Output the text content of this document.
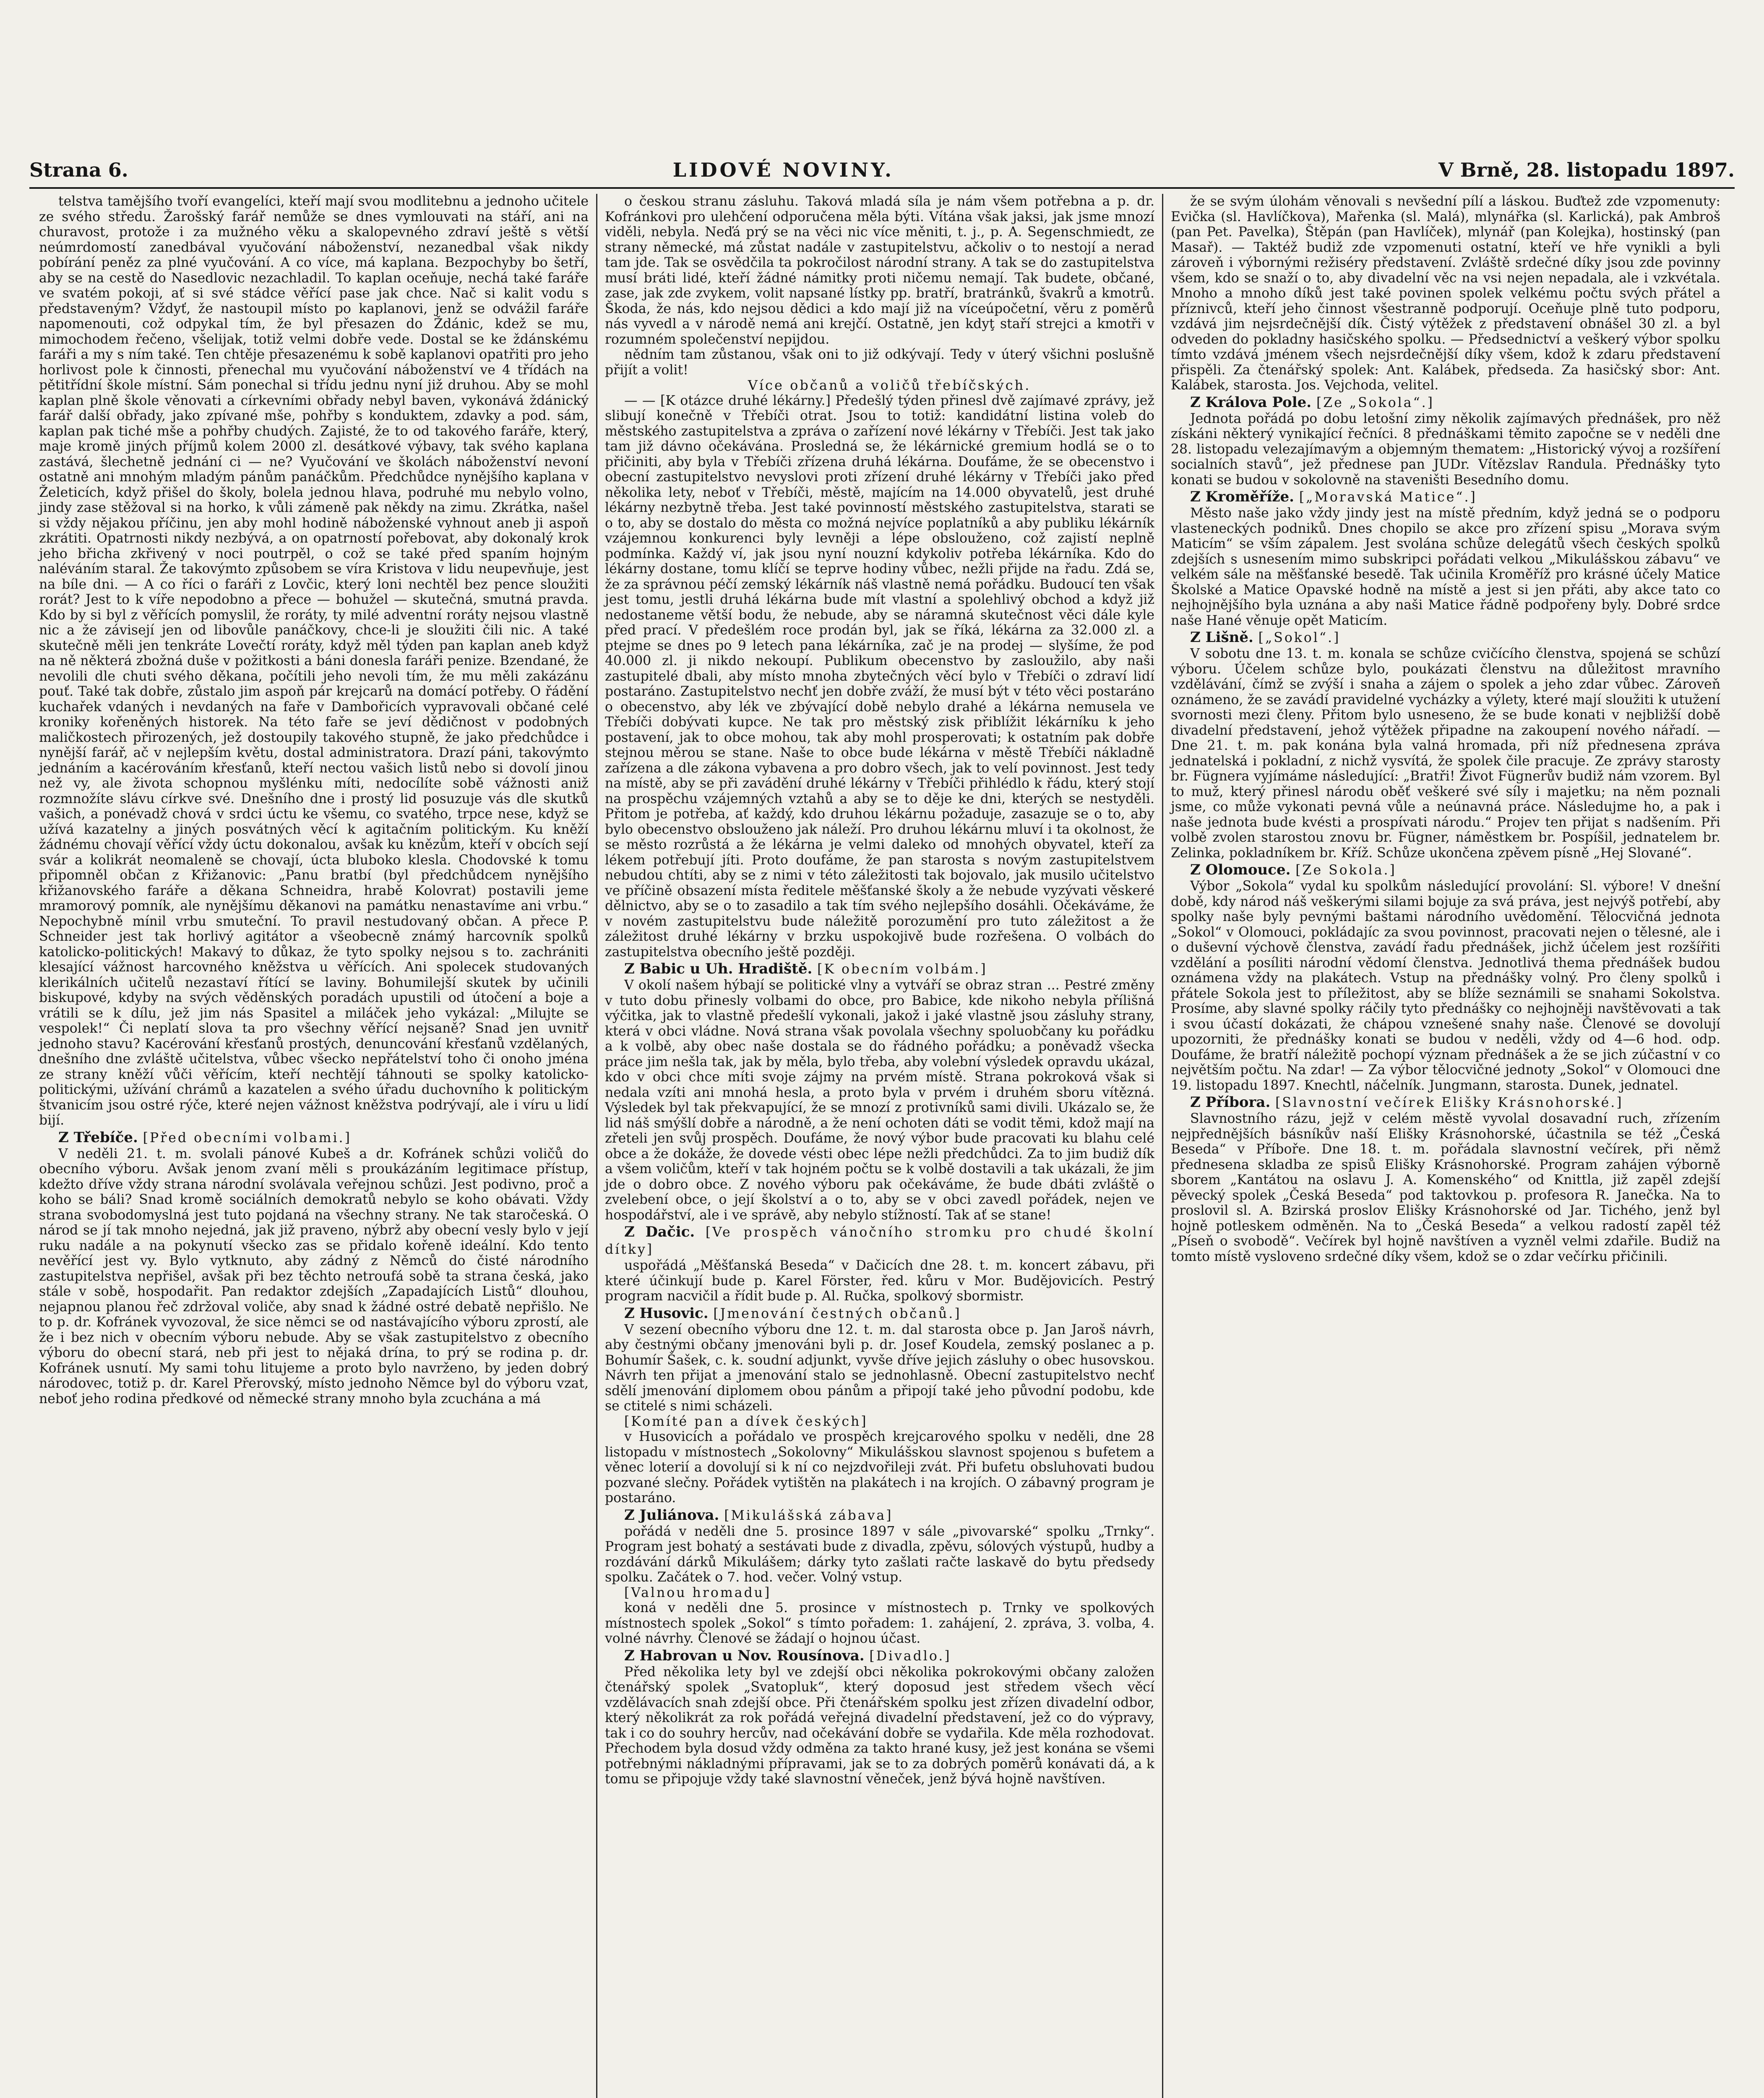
Strana 6.	LIDOVÉ NOVINY.	V Brně, 28. listopadu 1897.

telstva tamějšího tvoří evangelíci, kteří mají svou modlitebnu a jednoho učitele ze svého středu. Žarošský farář nemůže se dnes vymlouvati na stáří, ani na churavost, protože i za mužného věku a skalopevného zdraví ještě s větší neúmrdomostí zanedbával vyučování náboženství, nezanedbal však nikdy pobírání peněz za plné vyučování. A co více, má kaplana. Bezpochyby bo šetří, aby se na cestě do Nasedlovic nezachladil. To kaplan oceňuje, nechá také faráře ve svatém pokoji, ať si své stádce věřící pase jak chce. Nač si kalit vodu s představeným? Vždyť, že nastoupil místo po kaplanovi, jenž se odvážil faráře napomenouti, což odpykal tím, že byl přesazen do Ždánic, kdež se mu, mimochodem řečeno, všelijak, totiž velmi dobře vede. Dostal se ke ždánskému faráři a my s ním také. Ten chtěje přesazenému k sobě kaplanovi opatřiti pro jeho horlivost pole k činnosti, přenechal mu vyučování náboženství ve 4 třídách na pětitřídní škole místní. Sám ponechal si třídu jednu nyní již druhou. Aby se mohl kaplan plně škole věnovati a církevními obřady nebyl baven, vykonává ždánický farář další obřady, jako zpívané mše, pohřby s konduktem, zdavky a pod. sám, kaplan pak tiché mše a pohřby chudých. Zajisté, že to od takového faráře, který, maje kromě jiných příjmů kolem 2000 zl. desátkové výbavy, tak svého kaplana zastává, šlechetně jednání ci — ne? Vyučování ve školách náboženství nevoní ostatně ani mnohým mladým pánům panáčkům. Předchůdce nynějšího kaplana v Želeticích, když přišel do školy, bolela jednou hlava, podruhé mu nebylo volno, jindy zase stěžoval si na horko, k vůli zámeně pak někdy na zimu. Zkrátka, našel si vždy nějakou příčinu, jen aby mohl hodině náboženské vyhnout aneb ji aspoň zkrátiti. Opatrnosti nikdy nezbývá, a on opatrností pořebovat, aby dokonalý krok jeho břicha zkřivený v noci poutrpěl, o což se také před spaním hojným naléváním staral. Že takovýmto způsobem se víra Kristova v lidu neupevňuje, jest na bíle dni. — A co říci o faráři z Lovčic, který loni nechtěl bez pence sloužiti rorát? Jest to k víře nepodobno a přece — bohužel — skutečná, smutná pravda. Kdo by si byl z věřících pomyslil, že roráty, ty milé adventní roráty nejsou vlastně nic a že závisejí jen od libovůle panáčkovy, chce-li je sloužiti čili nic. A také skutečně měli jen tenkráte Lovečtí roráty, když měl týden pan kaplan aneb když na ně některá zbožná duše v požitkosti a báni donesla faráři penize. Bzendané, že nevolili dle chuti svého děkana, počítili jeho nevoli tím, že mu měli zakázánu pouť. Také tak dobře, zůstalo jim aspoň pár krejcarů na domácí potřeby. O řádění kuchařek vdaných i nevdaných na faře v Dambořicích vypravovali občané celé kroniky kořeněných historek. Na této faře se jeví dědičnost v podobných maličkostech přirozených, jež dostoupily takového stupně, že jako předchůdce i nynější farář, ač v nejlepším květu, dostal administratora. Drazí páni, takovýmto jednáním a kacérováním křesťanů, kteří nectou vašich listů nebo si dovolí jinou než vy, ale života schopnou myšlénku míti, nedocílíte sobě vážnosti aniž rozmnožíte slávu církve své. Dnešního dne i prostý lid posuzuje vás dle skutků vašich, a ponévadž chová v srdci úctu ke všemu, co svatého, trpce nese, když se užívá kazatelny a jiných posvátných věcí k agitačním politickým. Ku kněží žádnému chovají věřící vždy úctu dokonalou, avšak ku knězům, kteří v obcích sejí svár a kolikrát neomaleně se chovají, úcta bluboko klesla. Chodovské k tomu připomněl občan z Křižanovic: „Panu bratbí (byl předchůdcem nynějšího křižanovského faráře a děkana Schneidra, hrabě Kolovrat) postavili jeme mramorový pomník, ale nynějšímu děkanovi na památku nenastavíme ani vrbu.“ Nepochybně mínil vrbu smuteční. To pravil nestudovaný občan. A přece P. Schneider jest tak horlivý agitátor a všeobecně známý harcovník spolků katolicko-politických! Makavý to důkaz, že tyto spolky nejsou s to. zachrániti klesající vážnost harcovného kněžstva u věřících. Ani spolecek studovaných klerikálních učitelů nezastaví řítící se laviny. Bohumilejší skutek by učinili biskupové, kdyby na svých věděnských poradách upustili od útočení a boje a vrátili se k dílu, jež jim nás Spasitel a miláček jeho vykázal: „Milujte se vespolek!“ Či neplatí slova ta pro všechny věřící nejsaně? Snad jen uvnitř jednoho stavu? Kacérování křesťanů prostých, denuncování křesťanů vzdělaných, dnešního dne zvláště učitelstva, vůbec všecko nepřátelství toho či onoho jména ze strany kněží vůči věřícím, kteří nechtějí táhnouti se spolky katolicko-politickými, užívání chrámů a kazatelen a svého úřadu duchovního k politickým štvanicím jsou ostré rýče, které nejen vážnost kněžstva podrývají, ale i víru u lidí bijí.

Z Třebíče. [Před obecními volbami.]

V neděli 21. t. m. svolali pánové Kubeš a dr. Kofránek schůzi voličů do obecního výboru. Avšak jenom zvaní měli s proukázáním legitimace přístup, kdežto dříve vždy strana národní svolávala veřejnou schůzi. Jest podivno, proč a koho se báli? Snad kromě sociálních demokratů nebylo se koho obávati. Vždy strana svobodomyslná jest tuto pojdaná na všechny strany. Ne tak staročeská. O národ se jí tak mnoho nejedná, jak již praveno, nýbrž aby obecní vesly bylo v její ruku nadále a na pokynutí všecko zas se přidalo kořeně ideální. Kdo tento nevěřící jest vy. Bylo vytknuto, aby zádný z Němců do čisté národního zastupitelstva nepřišel, avšak při bez těchto netroufá sobě ta strana česká, jako stále v sobě, hospodařit. Pan redaktor zdejších „Zapadajících Listů“ dlouhou, nejapnou planou řeč zdržoval voliče, aby snad k žádné ostré debatě nepřišlo. Ne to p. dr. Kofránek vyvozoval, že sice němci se od nastávajícího výboru zprostí, ale že i bez nich v obecním výboru nebude. Aby se však zastupitelstvo z obecního výboru do obecní stará, neb při jest to nějaká drína, to prý se rodina p. dr. Kofránek usnutí. My sami tohu litujeme a proto bylo navrženo, by jeden dobrý národovec, totiž p. dr. Karel Přerovský, místo jednoho Němce byl do výboru vzat, neboť jeho rodina předkové od německé strany mnoho byla zcuchána a má

o českou stranu zásluhu. Taková mladá síla je nám všem potřebna a p. dr. Kofránkovi pro ulehčení odporučena měla býti. Vítána však jaksi, jak jsme mnozí viděli, nebyla. Neďá prý se na věci nic více měniti, t. j., p. A. Segenschmiedt, ze strany německé, má zůstat nadále v zastupitelstvu, ačkoliv o to nestojí a nerad tam jde. Tak se osvědčila ta pokročilost národní strany. A tak se do zastupitelstva musí bráti lidé, kteří žádné námitky proti ničemu nemají. Tak budete, občané, zase, jak zde zvykem, volit napsané lístky pp. bratří, bratránků, švakrů a kmotrů. Škoda, že nás, kdo nejsou dědici a kdo mají již na víceúpočetní, věru z poměrů nás vyvedl a v národě nemá ani krejčí. Ostatně, jen kdyţ staří strejci a kmotři v rozumném společenství nepijdou.

nědním tam zůstanou, však oni to již odkývají. Tedy v úterý všichni poslušně přijít a volit!

Více občanů a voličů třebíčských.

— — [K otázce druhé lékárny.] Předešlý týden přinesl dvě zajímavé zprávy, jež slibují konečně v Třebíči otrat. Jsou to totiž: kandidátní listina voleb do městského zastupitelstva a zpráva o zařízení nové lékárny v Třebíči. Jest tak jako tam již dávno očekávána. Prosledná se, že lékárnické gremium hodlá se o to přičiniti, aby byla v Třebíči zřízena druhá lékárna. Doufáme, že se obecenstvo i obecní zastupitelstvo nevyslovi proti zřízení druhé lékárny v Třebíči jako před několika lety, neboť v Třebíči, městě, majícím na 14.000 obyvatelů, jest druhé lékárny nezbytně třeba. Jest také povinností městského zastupitelstva, starati se o to, aby se dostalo do města co možná nejvíce poplatníků a aby publiku lékárník vzájemnou konkurenci byly levněji a lépe obslouženo, což zajistí neplně podmínka. Každý ví, jak jsou nyní nouzní kdykoliv potřeba lékárníka. Kdo do lékárny dostane, tomu klíčí se teprve hodiny vůbec, nežli přijde na řadu. Zdá se, že za správnou péčí zemský lékárník náš vlastně nemá pořádku. Budoucí ten však jest tomu, jestli druhá lékárna bude mít vlastní a spolehlivý obchod a když již nedostaneme větší bodu, že nebude, aby se náramná skutečnost věci dále kyle před prací. V předešlém roce prodán byl, jak se říká, lékárna za 32.000 zl. a ptejme se dnes po 9 letech pana lékárníka, zač je na prodej — slyšíme, že pod 40.000 zl. ji nikdo nekoupí. Publikum obecenstvo by zasloužilo, aby naši zastupitelé dbali, aby místo mnoha zbytečných věcí bylo v Třebíči o zdraví lidí postaráno. Zastupitelstvo nechť jen dobře zváží, že musí být v této věci postaráno o obecenstvo, aby lék ve zbývající době nebylo drahé a lékárna nemusela ve Třebíči dobývati kupce. Ne tak pro městský zisk přiblížit lékárníku k jeho postavení, jak to obce mohou, tak aby mohl prosperovati; k ostatním pak dobře stejnou měrou se stane. Naše to obce bude lékárna v městě Třebíči nákladně zařízena a dle zákona vybavena a pro dobro všech, jak to velí povinnost. Jest tedy na místě, aby se při zavádění druhé lékárny v Třebíči přihlédlo k řádu, který stojí na prospěchu vzájemných vztahů a aby se to děje ke dni, kterých se nestyděli. Přitom je potřeba, ať každý, kdo druhou lékárnu požaduje, zasazuje se o to, aby bylo obecenstvo obslouženo jak náleží. Pro druhou lékárnu mluví i ta okolnost, že se město rozrůstá a že lékárna je velmi daleko od mnohých obyvatel, kteří za lékem potřebují jíti. Proto doufáme, že pan starosta s novým zastupitelstvem nebudou chtíti, aby se z nimi v této záležitosti tak bojovalo, jak musilo učitelstvo ve příčině obsazení místa ředitele měšťanské školy a že nebude vyzývati věskeré dělnictvo, aby se o to zasadilo a tak tím svého nejlepšího dosáhli. Očekáváme, že v novém zastupitelstvu bude náležitě porozumění pro tuto záležitost a že záležitost druhé lékárny v brzku uspokojivě bude rozřešena. O volbách do zastupitelstva obecního ještě později.

Z Babic u Uh. Hradiště. [K obecním volbám.]

V okolí našem hýbají se politické vlny a vytváří se obraz stran ... Pestré změny v tuto dobu přinesly volbami do obce, pro Babice, kde nikoho nebyla přílišná výčitka, jak to vlastně předešlí vykonali, jakož i jaké vlastně jsou zásluhy strany, která v obci vládne. Nová strana však povolala všechny spoluobčany ku pořádku a k volbě, aby obec naše dostala se do řádného pořádku; a poněvadž všecka práce jim nešla tak, jak by měla, bylo třeba, aby volební výsledek opravdu ukázal, kdo v obci chce míti svoje zájmy na prvém místě. Strana pokroková však si nedala vzíti ani mnohá hesla, a proto byla v prvém i druhém sboru vítězná. Výsledek byl tak překvapující, že se mnozí z protivníků sami divili. Ukázalo se, že lid náš smýšlí dobře a národně, a že není ochoten dáti se vodit těmi, kdož mají na zřeteli jen svůj prospěch. Doufáme, že nový výbor bude pracovati ku blahu celé obce a že dokáže, že dovede vésti obec lépe nežli předchůdci. Za to jim budiž dík a všem voličům, kteří v tak hojném počtu se k volbě dostavili a tak ukázali, že jim jde o dobro obce. Z nového výboru pak očekáváme, že bude dbáti zvláště o zvelebení obce, o její školství a o to, aby se v obci zavedl pořádek, nejen ve hospodářství, ale i ve správě, aby nebylo stížností. Tak ať se stane!

Z Dačic. [Ve prospěch vánočního stromku pro chudé školní dítky]

uspořádá „Měšťanská Beseda“ v Dačicích dne 28. t. m. koncert zábavu, při které účinkují bude p. Karel Förster, řed. kůru v Mor. Budějovicích. Pestrý program nacvičil a řídit bude p. Al. Ručka, spolkový sbormistr.

Z Husovic. [Jmenování čestných občanů.]

V sezení obecního výboru dne 12. t. m. dal starosta obce p. Jan Jaroš návrh, aby čestnými občany jmenováni byli p. dr. Josef Koudela, zemský poslanec a p. Bohumír Šašek, c. k. soudní adjunkt, vyvše dříve jejich zásluhy o obec husovskou. Návrh ten přijat a jmenování stalo se jednohlasně. Obecní zastupitelstvo nechť sdělí jmenování diplomem obou pánům a připojí také jeho původní podobu, kde se ctitelé s nimi scházeli.

[Komíté pan a dívek českých]

v Husovicích a pořádalo ve prospěch krejcarového spolku v neděli, dne 28 listopadu v místnostech „Sokolovny“ Mikulášskou slavnost spojenou s bufetem a věnec loterií a dovolují si k ní co nejzdvořileji zvát. Při bufetu obsluhovati budou pozvané slečny. Pořádek vytištěn na plakátech i na krojích. O zábavný program je postaráno.

Z Juliánova. [Mikulášská zábava]

pořádá v neděli dne 5. prosince 1897 v sále „pivovarské“ spolku „Trnky“. Program jest bohatý a sestávati bude z divadla, zpěvu, sólových výstupů, hudby a rozdávání dárků Mikulášem; dárky tyto zašlati račte laskavě do bytu předsedy spolku. Začátek o 7. hod. večer. Volný vstup.

[Valnou hromadu]

koná v neděli dne 5. prosince v místnostech p. Trnky ve spolkových místnostech spolek „Sokol“ s tímto pořadem: 1. zahájení, 2. zpráva, 3. volba, 4. volné návrhy. Členové se žádají o hojnou účast.

Z Habrovan u Nov. Rousínova. [Divadlo.]

Před několika lety byl ve zdejší obci několika pokrokovými občany založen čtenářský spolek „Svatopluk“, který doposud jest středem všech věcí vzdělávacích snah zdejší obce. Při čtenářském spolku jest zřízen divadelní odbor, který několikrát za rok pořádá veřejná divadelní představení, jež co do výpravy, tak i co do souhry hercův, nad očekávání dobře se vydařila. Kde měla rozhodovat. Přechodem byla dosud vždy odměna za takto hrané kusy, jež jest konána se všemi potřebnými nákladnými přípravami, jak se to za dobrých poměrů konávati dá, a k tomu se připojuje vždy také slavnostní věneček, jenž bývá hojně navštíven.

že se svým úlohám věnovali s nevšední pílí a láskou. Buďtež zde vzpomenuty: Evička (sl. Havlíčkova), Mařenka (sl. Malá), mlynářka (sl. Karlická), pak Ambroš (pan Pet. Pavelka), Štěpán (pan Havlíček), mlynář (pan Kolejka), hostinský (pan Masař). — Taktéž budiž zde vzpomenuti ostatní, kteří ve hře vynikli a byli zároveň i výbornými režiséry představení. Zvláště srdečné díky jsou zde povinny všem, kdo se snaží o to, aby divadelní věc na vsi nejen nepadala, ale i vzkvétala. Mnoho a mnoho díků jest také povinen spolek velkému počtu svých přátel a příznivců, kteří jeho činnost všestranně podporují. Oceňuje plně tuto podporu, vzdává jim nejsrdečnější dík. Čistý výtěžek z představení obnášel 30 zl. a byl odveden do pokladny hasičského spolku. — Předsednictví a veškerý výbor spolku tímto vzdává jménem všech nejsrdečnější díky všem, kdož k zdaru představení přispěli. Za čtenářský spolek: Ant. Kalábek, předseda. Za hasičský sbor: Ant. Kalábek, starosta. Jos. Vejchoda, velitel.

Z Králova Pole. [Ze „Sokola“.]

Jednota pořádá po dobu letošní zimy několik zajímavých přednášek, pro něž získáni některý vynikající řečníci. 8 přednáškami těmito započne se v neděli dne 28. listopadu velezajímavým a objemným thematem: „Historický vývoj a rozšíření socialních stavů“, jež přednese pan JUDr. Vítězslav Randula. Přednášky tyto konati se budou v sokolovně na staveništi Besedního domu.

Z Kroměříže. [„Moravská Matice“.]

Město naše jako vždy jindy jest na místě předním, když jedná se o podporu vlasteneckých podniků. Dnes chopilo se akce pro zřízení spisu „Morava svým Maticím“ se vším zápalem. Jest svolána schůze delegátů všech českých spolků zdejších s usnesením mimo subskripci pořádati velkou „Mikulášskou zábavu“ ve velkém sále na měšťanské besedě. Tak učinila Kroměříž pro krásné účely Matice Školské a Matice Opavské hodně na místě a jest si jen přáti, aby akce tato co nejhojnějšího byla uznána a aby naši Matice řádně podpořeny byly. Dobré srdce naše Hané věnuje opět Maticím.

Z Lišně. [„Sokol“.]

V sobotu dne 13. t. m. konala se schůze cvičícího členstva, spojená se schůzí výboru. Účelem schůze bylo, poukázati členstvu na důležitost mravního vzdělávání, čímž se zvýší i snaha a zájem o spolek a jeho zdar vůbec. Zároveň oznámeno, že se zavádí pravidelné vycházky a výlety, které mají sloužiti k utužení svornosti mezi členy. Přitom bylo usneseno, že se bude konati v nejbližší době divadelní představení, jehož výtěžek připadne na zakoupení nového nářadí. — Dne 21. t. m. pak konána byla valná hromada, při níž přednesena zpráva jednatelská i pokladní, z nichž vysvítá, že spolek čile pracuje. Ze zprávy starosty br. Fügnera vyjímáme následující: „Bratři! Život Fügnerův budiž nám vzorem. Byl to muž, který přinesl národu oběť veškeré své síly i majetku; na něm poznali jsme, co může vykonati pevná vůle a neúnavná práce. Následujme ho, a pak i naše jednota bude kvésti a prospívati národu.“ Projev ten přijat s nadšením. Při volbě zvolen starostou znovu br. Fügner, náměstkem br. Pospíšil, jednatelem br. Zelinka, pokladníkem br. Kříž. Schůze ukončena zpěvem písně „Hej Slované“.

Z Olomouce. [Ze Sokola.]

Výbor „Sokola“ vydal ku spolkům následující provolání: Sl. výbore! V dnešní době, kdy národ náš veškerými silami bojuje za svá práva, jest nejvýš potřebí, aby spolky naše byly pevnými baštami národního uvědomění. Tělocvičná jednota „Sokol“ v Olomouci, pokládajíc za svou povinnost, pracovati nejen o tělesné, ale i o duševní výchově členstva, zavádí řadu přednášek, jichž účelem jest rozšířiti vzdělání a posíliti národní vědomí členstva. Jednotlivá thema přednášek budou oznámena vždy na plakátech. Vstup na přednášky volný. Pro členy spolků i přátele Sokola jest to příležitost, aby se blíže seznámili se snahami Sokolstva. Prosíme, aby slavné spolky ráčily tyto přednášky co nejhojněji navštěvovati a tak i svou účastí dokázati, že chápou vznešené snahy naše. Členové se dovolují upozorniti, že přednášky konati se budou v neděli, vždy od 4—6 hod. odp. Doufáme, že bratří náležitě pochopí význam přednášek a že se jich zúčastní v co největším počtu. Na zdar! — Za výbor tělocvičné jednoty „Sokol“ v Olomouci dne 19. listopadu 1897. Knechtl, náčelník. Jungmann, starosta. Dunek, jednatel.

Z Příbora. [Slavnostní večírek Elišky Krásnohorské.]

Slavnostního rázu, jejž v celém městě vyvolal dosavadní ruch, zřízením nejpřednějších básníkův naší Elišky Krásnohorské, účastnila se též „Česká Beseda“ v Příboře. Dne 18. t. m. pořádala slavnostní večírek, při němž přednesena skladba ze spisů Elišky Krásnohorské. Program zahájen výborně sborem „Kantátou na oslavu J. A. Komenského“ od Knittla, již zapěl zdejší pěvecký spolek „Česká Beseda“ pod taktovkou p. profesora R. Janečka. Na to proslovil sl. A. Bzirská proslov Elišky Krásnohorské od Jar. Tichého, jenž byl hojně potleskem odměněn. Na to „Česká Beseda“ a velkou radostí zapěl též „Píseň o svobodě“. Večírek byl hojně navštíven a vyzněl velmi zdařile. Budiž na tomto místě vysloveno srdečné díky všem, kdož se o zdar večírku přičinili.
